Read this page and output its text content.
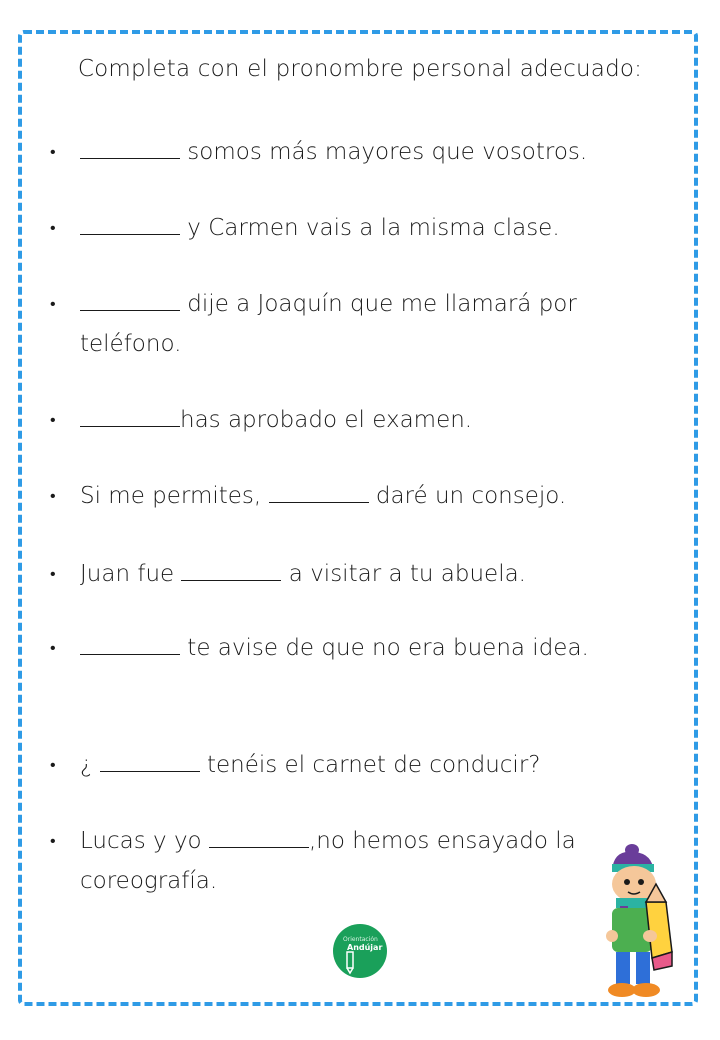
Completa con el pronombre personal adecuado:
•	somos más mayores que vosotros.
•	y Carmen vais a la misma clase.
•	dije a Joaquín que me llamará por teléfono.
•	has aprobado el examen.
• Si me permites,	daré un consejo.
• Juan fue	a visitar a tu abuela.
•	te avise de que no era buena idea.
• ¿	tenéis el carnet de conducir?
• Lucas y yo	,no hemos ensayado la coreografía.
Orientación
Andújar
